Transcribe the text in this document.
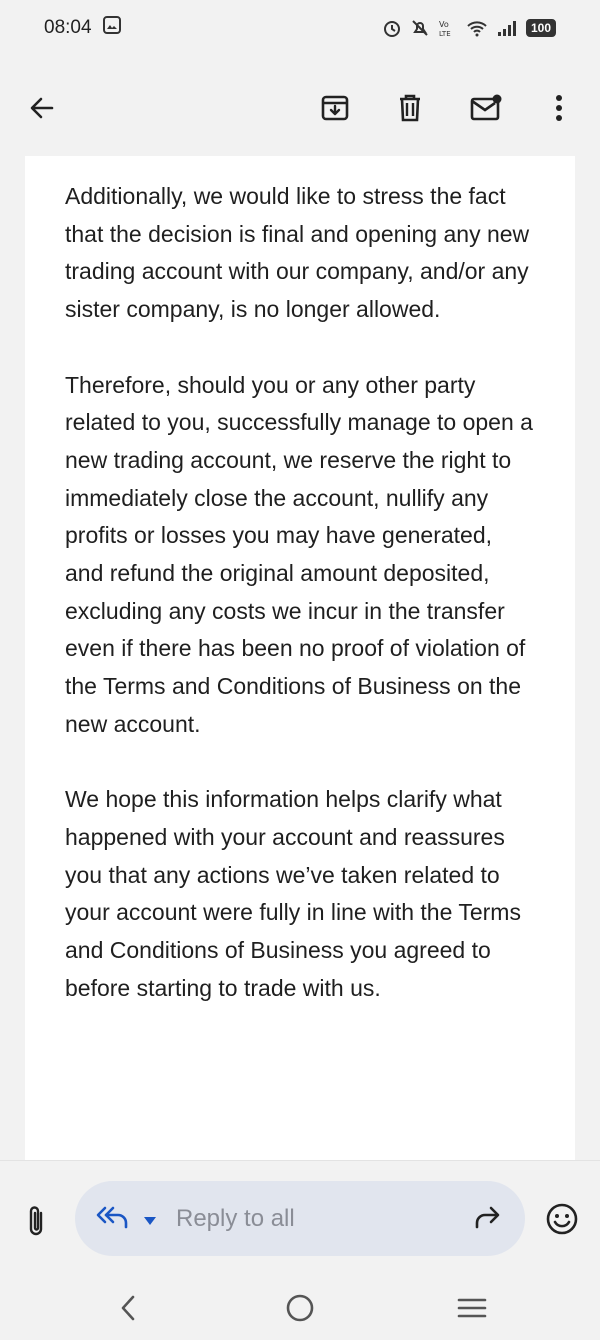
08:04	Vo
LTE	100

Additionally, we would like to stress the fact that the decision is final and opening any new trading account with our company, and/or any sister company, is no longer allowed.

Therefore, should you or any other party related to you, successfully manage to open a new trading account, we reserve the right to immediately close the account, nullify any profits or losses you may have generated, and refund the original amount deposited, excluding any costs we incur in the transfer even if there has been no proof of violation of the Terms and Conditions of Business on the new account.

We hope this information helps clarify what happened with your account and reassures you that any actions we’ve taken related to your account were fully in line with the Terms and Conditions of Business you agreed to before starting to trade with us.

Reply to all
